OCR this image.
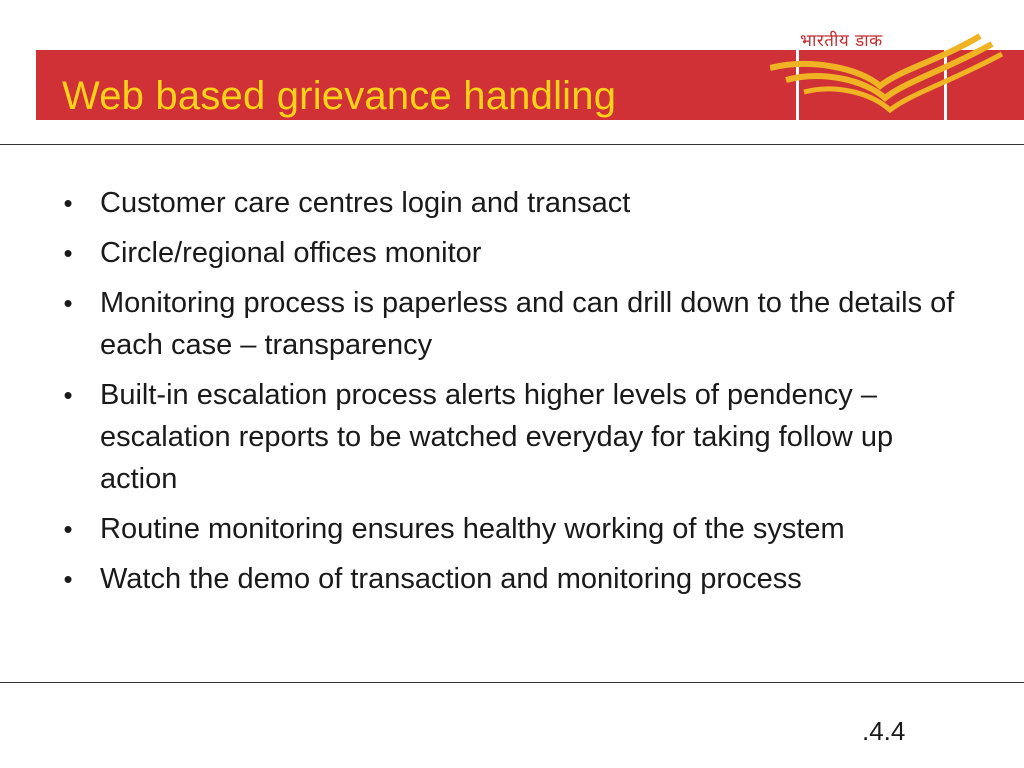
Web based grievance handling
भारतीय डाक
• Customer care centres login and transact
• Circle/regional offices monitor
• Monitoring process is paperless and can drill down to the details of each case – transparency
• Built-in escalation process alerts higher levels of pendency – escalation reports to be watched everyday for taking follow up action
• Routine monitoring ensures healthy working of the system
• Watch the demo of transaction and monitoring process
.4.4
